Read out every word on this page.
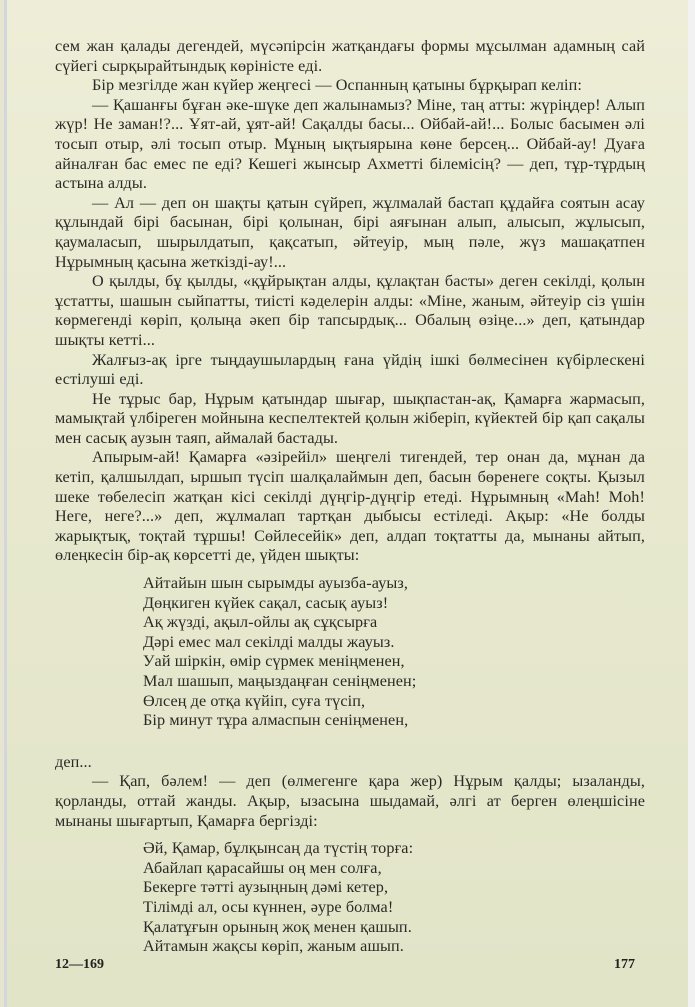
сем жан қалады дегендей, мүсәпірсін жатқандағы формы мұсылман адамның сай сүйегі сырқырайтындық көріністе еді.

Бір мезгілде жан күйер жеңгесі — Оспанның қатыны бұрқырап келіп:

— Қашанғы бұған әке-шүке деп жалынамыз? Міне, таң атты: жүріңдер! Алып жүр! Не заман!?... Ұят-ай, ұят-ай! Сақалды басы... Ойбай-ай!... Болыс басымен әлі тосып отыр, әлі тосып отыр. Мұның ықтыярына көне берсең... Ойбай-ау! Дуаға айналған бас емес пе еді? Кешегі жынсыр Ахметті білемісің? — деп, тұр-тұрдың астына алды.

— Ал — деп он шақты қатын сүйреп, жұлмалай бастап құдайға соятын асау құлындай бірі басынан, бірі қолынан, бірі аяғынан алып, алысып, жұлысып, қаумаласып, шырылдатып, қақсатып, әйтеуір, мың пәле, жүз машақатпен Нұрымның қасына жеткізді-ау!...

О қылды, бұ қылды, «құйрықтан алды, құлақтан басты» деген секілді, қолын ұстатты, шашын сыйпатты, тиісті кәделерін алды: «Міне, жаным, әйтеуір сіз үшін көрмегенді көріп, қолыңа әкеп бір тапсырдық... Обалың өзіңе...» деп, қатындар шықты кетті...

Жалғыз-ақ ірге тыңдаушылардың ғана үйдің ішкі бөлмесінен күбірлескені естілуші еді.

Не тұрыс бар, Нұрым қатындар шығар, шықпастан-ақ, Қамарға жармасып, мамықтай үлбіреген мойнына кеспелтектей қолын жіберіп, күйектей бір қап сақалы мен сасық аузын таяп, аймалай бастады.

Апырым-ай! Қамарға «әзірейіл» шеңгелі тигендей, тер онан да, мұнан да кетіп, қалшылдап, ыршып түсіп шалқалаймын деп, басын бөренеге соқты. Қызыл шеке төбелесіп жатқан кісі секілді дүңгір-дүңгір етеді. Нұрымның «Mah! Moh! Неге, неге?...» деп, жұлмалап тартқан дыбысы естіледі. Ақыр: «Не болды жарықтық, тоқтай тұршы! Сөйлесейік» деп, алдап тоқтатты да, мынаны айтып, өлеңкесін бір-ақ көрсетті де, үйден шықты:

Айтайын шын сырымды ауызба-ауыз,
Дөңкиген күйек сақал, сасық ауыз!
Ақ жүзді, ақыл-ойлы ақ сұқсырға
Дәрі емес мал секілді малды жауыз.
Уай шіркін, өмір сүрмек меніңменен,
Мал шашып, маңыздаңған сеніңменен;
Өлсең де отқа күйіп, суға түсіп,
Бір минут тұра алмаспын сеніңменен,

деп...

— Қап, бәлем! — деп (өлмегенге қара жер) Нұрым қалды; ызаланды, қорланды, оттай жанды. Ақыр, ызасына шыдамай, әлгі ат берген өлеңшісіне мынаны шығартып, Қамарға бергізді:

Әй, Қамар, бұлқынсаң да түстің торға:
Абайлап қарасайшы оң мен солға,
Бекерге тәтті аузыңның дәмі кетер,
Тілімді ал, осы күннен, әуре болма!
Қалатұғын орының жоқ менен қашып.
Айтамын жақсы көріп, жаным ашып.
12—169	177
